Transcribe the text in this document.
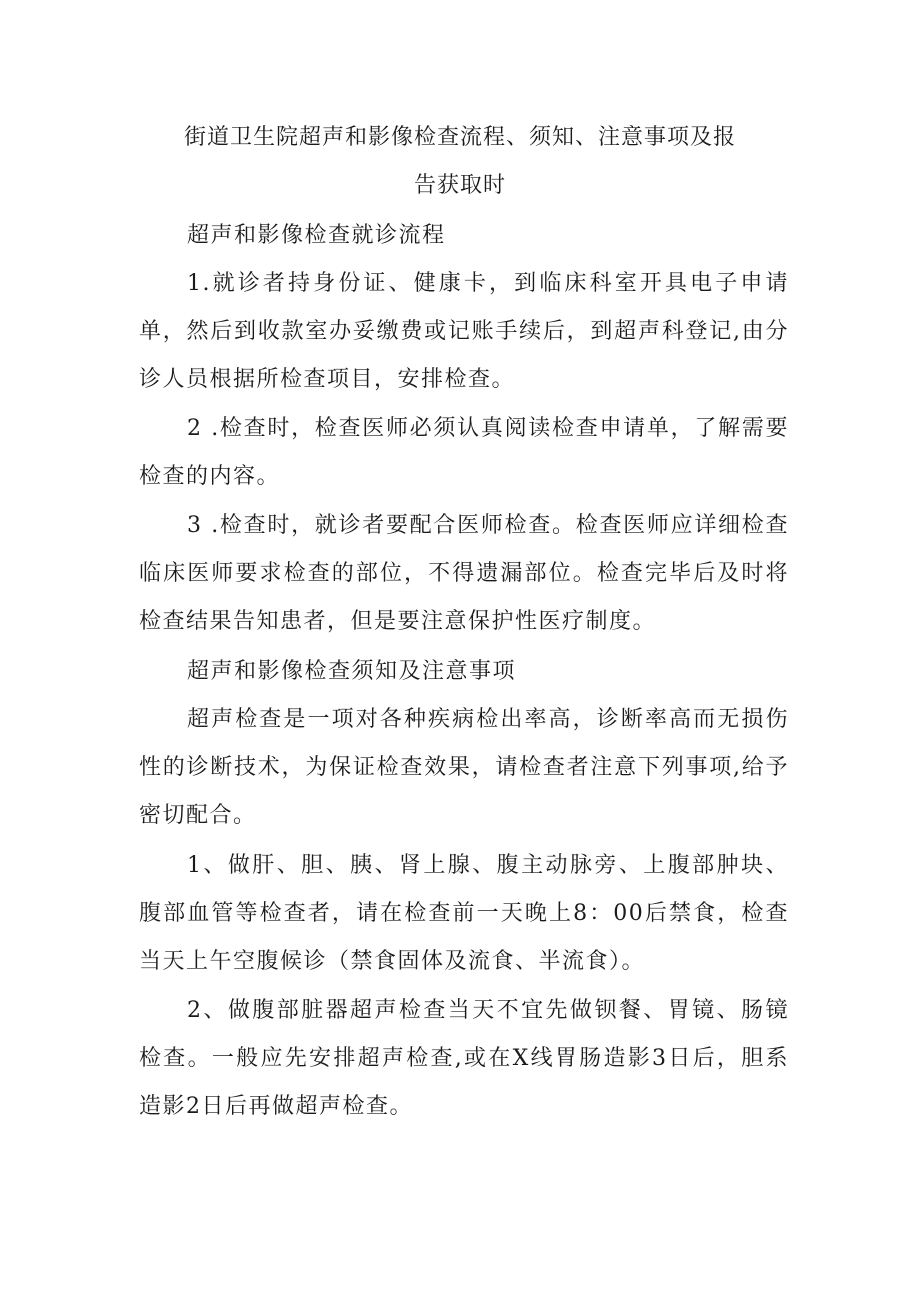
街道卫生院超声和影像检查流程、须知、注意事项及报
告获取时

超声和影像检查就诊流程

1.就诊者持身份证、健康卡，到临床科室开具电子申请单，然后到收款室办妥缴费或记账手续后，到超声科登记,由分诊人员根据所检查项目，安排检查。

2 .检查时，检查医师必须认真阅读检查申请单，了解需要检查的内容。

3 .检查时，就诊者要配合医师检查。检查医师应详细检查临床医师要求检查的部位，不得遗漏部位。检查完毕后及时将检查结果告知患者，但是要注意保护性医疗制度。

超声和影像检查须知及注意事项

超声检查是一项对各种疾病检出率高，诊断率高而无损伤性的诊断技术，为保证检查效果，请检查者注意下列事项,给予密切配合。

1、做肝、胆、胰、肾上腺、腹主动脉旁、上腹部肿块、腹部血管等检查者，请在检查前一天晚上8：00后禁食，检查当天上午空腹候诊（禁食固体及流食、半流食）。

2、做腹部脏器超声检查当天不宜先做钡餐、胃镜、肠镜检查。一般应先安排超声检查,或在X线胃肠造影3日后，胆系造影2日后再做超声检查。
